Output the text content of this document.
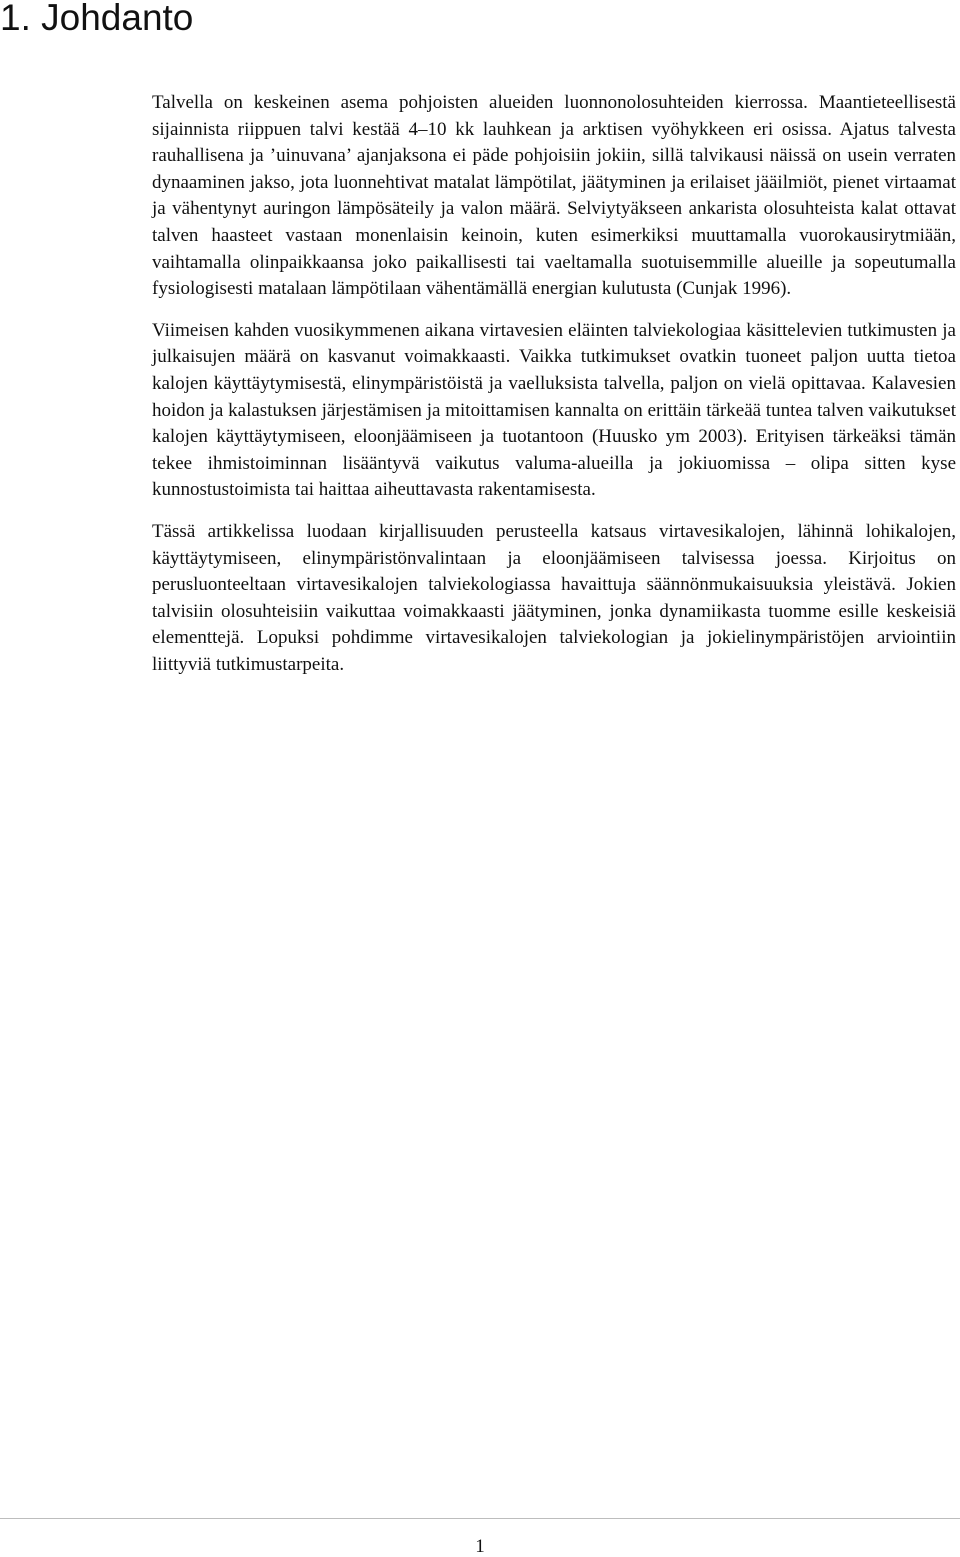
1. Johdanto

Talvella on keskeinen asema pohjoisten alueiden luonnonolosuhteiden kierrossa. Maantieteellisestä sijainnista riippuen talvi kestää 4–10 kk lauhkean ja arktisen vyöhykkeen eri osissa. Ajatus talvesta rauhallisena ja ’uinuvana’ ajanjaksona ei päde pohjoisiin jokiin, sillä talvikausi näissä on usein verraten dynaaminen jakso, jota luonnehtivat matalat lämpötilat, jäätyminen ja erilaiset jääilmiöt, pienet virtaamat ja vähentynyt auringon lämpösäteily ja valon määrä. Selviytyäkseen ankarista olosuhteista kalat ottavat talven haasteet vastaan monenlaisin keinoin, kuten esimerkiksi muuttamalla vuorokausirytmiään, vaihtamalla olinpaikkaansa joko paikallisesti tai vaeltamalla suotuisemmille alueille ja sopeutumalla fysiologisesti matalaan lämpötilaan vähentämällä energian kulutusta (Cunjak 1996).

Viimeisen kahden vuosikymmenen aikana virtavesien eläinten talviekologiaa käsittelevien tutkimusten ja julkaisujen määrä on kasvanut voimakkaasti. Vaikka tutkimukset ovatkin tuoneet paljon uutta tietoa kalojen käyttäytymisestä, elinympäristöistä ja vaelluksista talvella, paljon on vielä opittavaa. Kalavesien hoidon ja kalastuksen järjestämisen ja mitoittamisen kannalta on erittäin tärkeää tuntea talven vaikutukset kalojen käyttäytymiseen, eloonjäämiseen ja tuotantoon (Huusko ym 2003). Erityisen tärkeäksi tämän tekee ihmistoiminnan lisääntyvä vaikutus valuma-alueilla ja jokiuomissa – olipa sitten kyse kunnostustoimista tai haittaa aiheuttavasta rakentamisesta.

Tässä artikkelissa luodaan kirjallisuuden perusteella katsaus virtavesikalojen, lähinnä lohikalojen, käyttäytymiseen, elinympäristönvalintaan ja eloonjäämiseen talvisessa joessa. Kirjoitus on perusluonteeltaan virtavesikalojen talviekologiassa havaittuja säännönmukaisuuksia yleistävä. Jokien talvisiin olosuhteisiin vaikuttaa voimakkaasti jäätyminen, jonka dynamiikasta tuomme esille keskeisiä elementtejä. Lopuksi pohdimme virtavesikalojen talviekologian ja jokielinympäristöjen arviointiin liittyviä tutkimustarpeita.

1
